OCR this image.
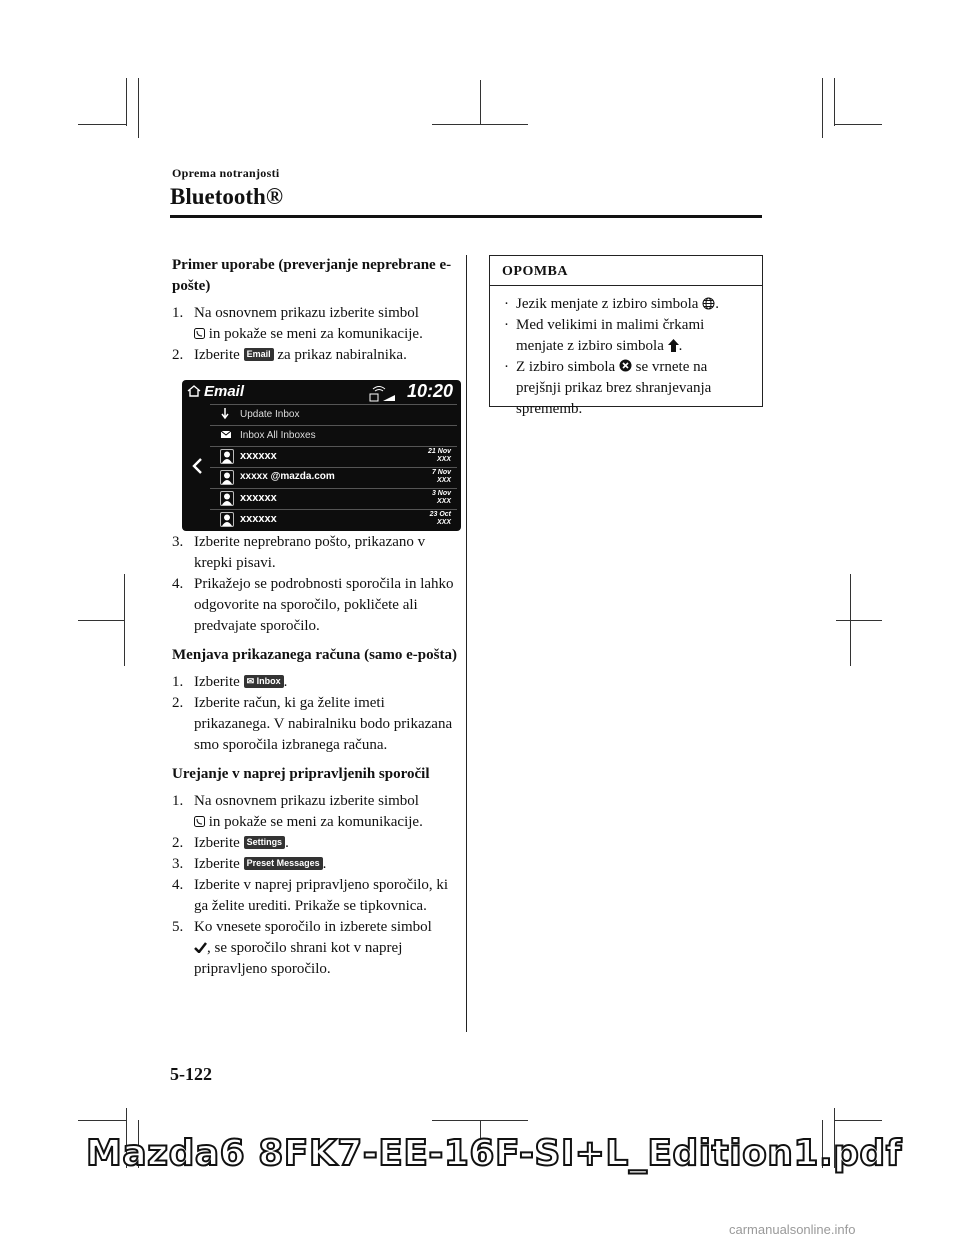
Oprema notranjosti
Bluetooth®
Primer uporabe (preverjanje neprebrane e-pošte)
1. Na osnovnem prikazu izberite simbol
in pokaže se meni za komunikacije.
2. Izberite Email za prikaz nabiralnika.
3. Izberite neprebrano pošto, prikazano v krepki pisavi.
4. Prikažejo se podrobnosti sporočila in lahko odgovorite na sporočilo, pokličete ali predvajate sporočilo.
Menjava prikazanega računa (samo e-pošta)
1. Izberite ✉ Inbox .
2. Izberite račun, ki ga želite imeti prikazanega. V nabiralniku bodo prikazana smo sporočila izbranega računa.
Urejanje v naprej pripravljenih sporočil
1. Na osnovnem prikazu izberite simbol
in pokaže se meni za komunikacije.
2. Izberite Settings .
3. Izberite Preset Messages .
4. Izberite v naprej pripravljeno sporočilo, ki ga želite urediti. Prikaže se tipkovnica.
5. Ko vnesete sporočilo in izberete simbol
, se sporočilo shrani kot v naprej pripravljeno sporočilo.
Email	10:20
Update Inbox
Inbox All Inboxes
xxxxxx	21 Nov
XXX
xxxxx @mazda.com	7 Nov
XXX
xxxxxx	3 Nov
XXX
xxxxxx	23 Oct
XXX
OPOMBA
· Jezik menjate z izbiro simbola .
· Med velikimi in malimi črkami menjate z izbiro simbola .
· Z izbiro simbola se vrnete na prejšnji prikaz brez shranjevanja sprememb.
5-122
Mazda6 8FK7-EE-16F-SI+L_Edition1.pdf
carmanualsonline.info
